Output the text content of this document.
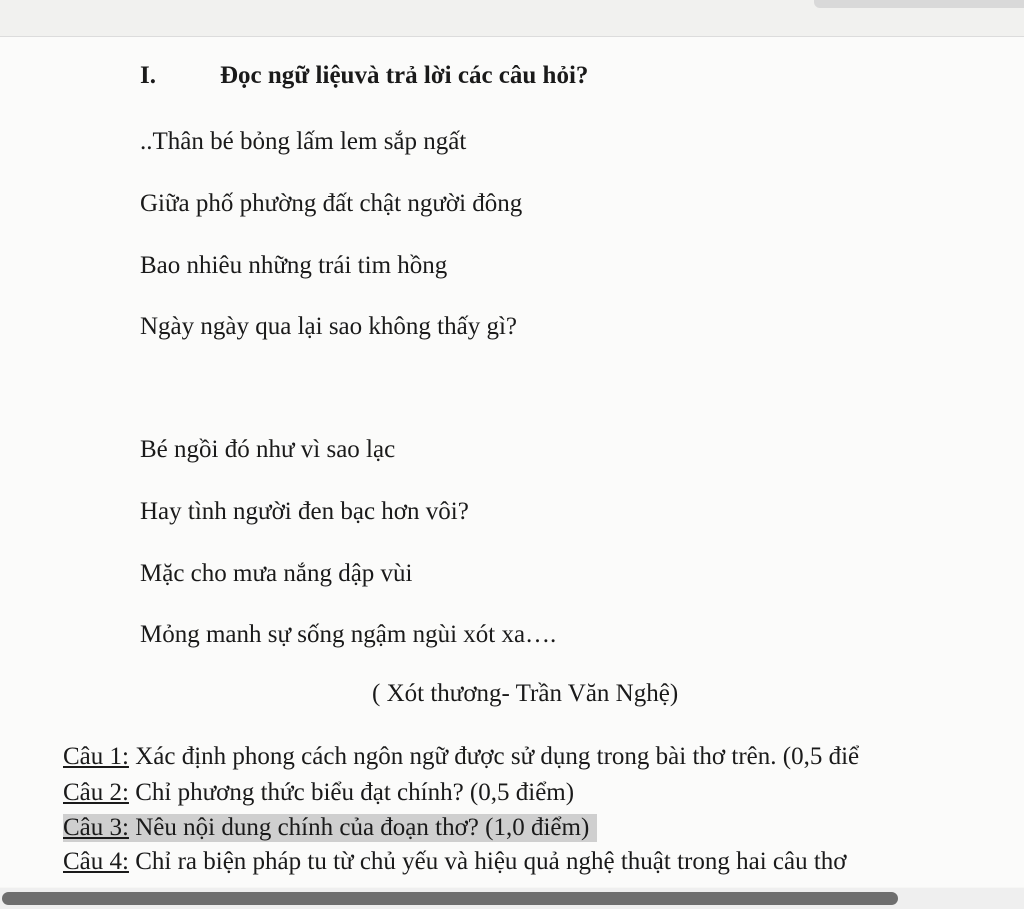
I.	Đọc ngữ liệuvà trả lời các câu hỏi?
..Thân bé bỏng lấm lem sắp ngất
Giữa phố phường đất chật người đông
Bao nhiêu những trái tim hồng
Ngày ngày qua lại sao không thấy gì?
Bé ngồi đó như vì sao lạc
Hay tình người đen bạc hơn vôi?
Mặc cho mưa nắng dập vùi
Mỏng manh sự sống ngậm ngùi xót xa….
( Xót thương- Trần Văn Nghệ)
Câu 1: Xác định phong cách ngôn ngữ được sử dụng trong bài thơ trên. (0,5 điể
Câu 2: Chỉ phương thức biểu đạt chính? (0,5 điểm)
Câu 3: Nêu nội dung chính của đoạn thơ? (1,0 điểm)
Câu 4: Chỉ ra biện pháp tu từ chủ yếu và hiệu quả nghệ thuật trong hai câu thơ
